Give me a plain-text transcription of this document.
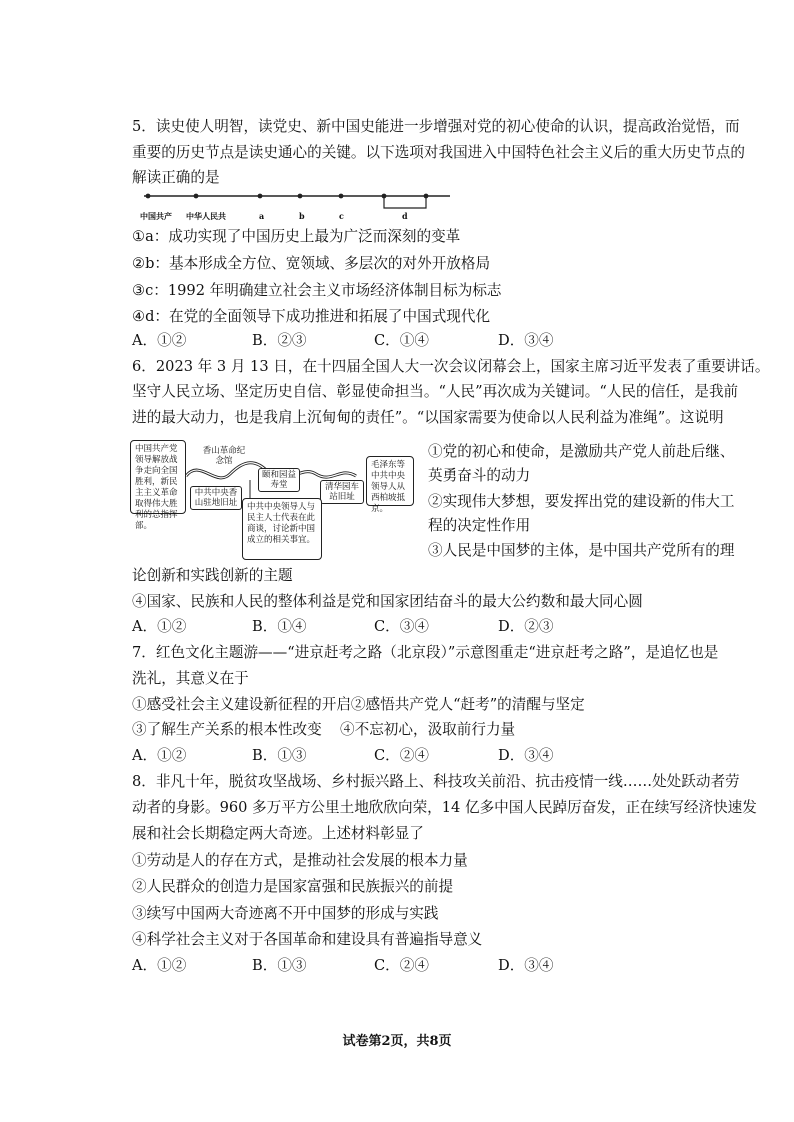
5．读史使人明智，读党史、新中国史能进一步增强对党的初心使命的认识，提高政治觉悟，而
重要的历史节点是读史通心的关键。以下选项对我国进入中国特色社会主义后的重大历史节点的
解读正确的是
中国共产 中华人民共	a	b	c	d
①a：成功实现了中国历史上最为广泛而深刻的变革
②b：基本形成全方位、宽领域、多层次的对外开放格局
③c：1992 年明确建立社会主义市场经济体制目标为标志
④d：在党的全面领导下成功推进和拓展了中国式现代化
A．①②	B．②③	C．①④	D．③④
6．2023 年 3 月 13 日，在十四届全国人大一次会议闭幕会上，国家主席习近平发表了重要讲话。
坚守人民立场、坚定历史自信、彰显使命担当。“人民”再次成为关键词。“人民的信任，是我前
进的最大动力，也是我肩上沉甸甸的责任”。“以国家需要为使命以人民利益为准绳”。这说明
中国共产党领导解放战争走向全国胜利，新民主主义革命取得伟大胜利的总指挥部。
香山革命纪念馆
中共中央香山驻地旧址
颐和园益寿堂	清华园车站旧址
中共中央领导人与民主人士代表在此商谈，讨论新中国成立的相关事宜。
毛泽东等中共中央领导人从西柏坡抵京。
①党的初心和使命，是激励共产党人前赴后继、
英勇奋斗的动力
②实现伟大梦想，要发挥出党的建设新的伟大工
程的决定性作用
③人民是中国梦的主体，是中国共产党所有的理
论创新和实践创新的主题
④国家、民族和人民的整体利益是党和国家团结奋斗的最大公约数和最大同心圆
A．①②	B．①④	C．③④	D．②③
7．红色文化主题游——“进京赶考之路（北京段）”示意图重走“进京赶考之路”，是追忆也是
洗礼，其意义在于
①感受社会主义建设新征程的开启②感悟共产党人“赶考”的清醒与坚定
③了解生产关系的根本性改变 ④不忘初心，汲取前行力量
A．①②	B．①③	C．②④	D．③④
8．非凡十年，脱贫攻坚战场、乡村振兴路上、科技攻关前沿、抗击疫情一线……处处跃动者劳
动者的身影。960 多万平方公里土地欣欣向荣，14 亿多中国人民踔厉奋发，正在续写经济快速发
展和社会长期稳定两大奇迹。上述材料彰显了
①劳动是人的存在方式，是推动社会发展的根本力量
②人民群众的创造力是国家富强和民族振兴的前提
③续写中国两大奇迹离不开中国梦的形成与实践
④科学社会主义对于各国革命和建设具有普遍指导意义
A．①②	B．①③	C．②④	D．③④
试卷第2页，共8页
